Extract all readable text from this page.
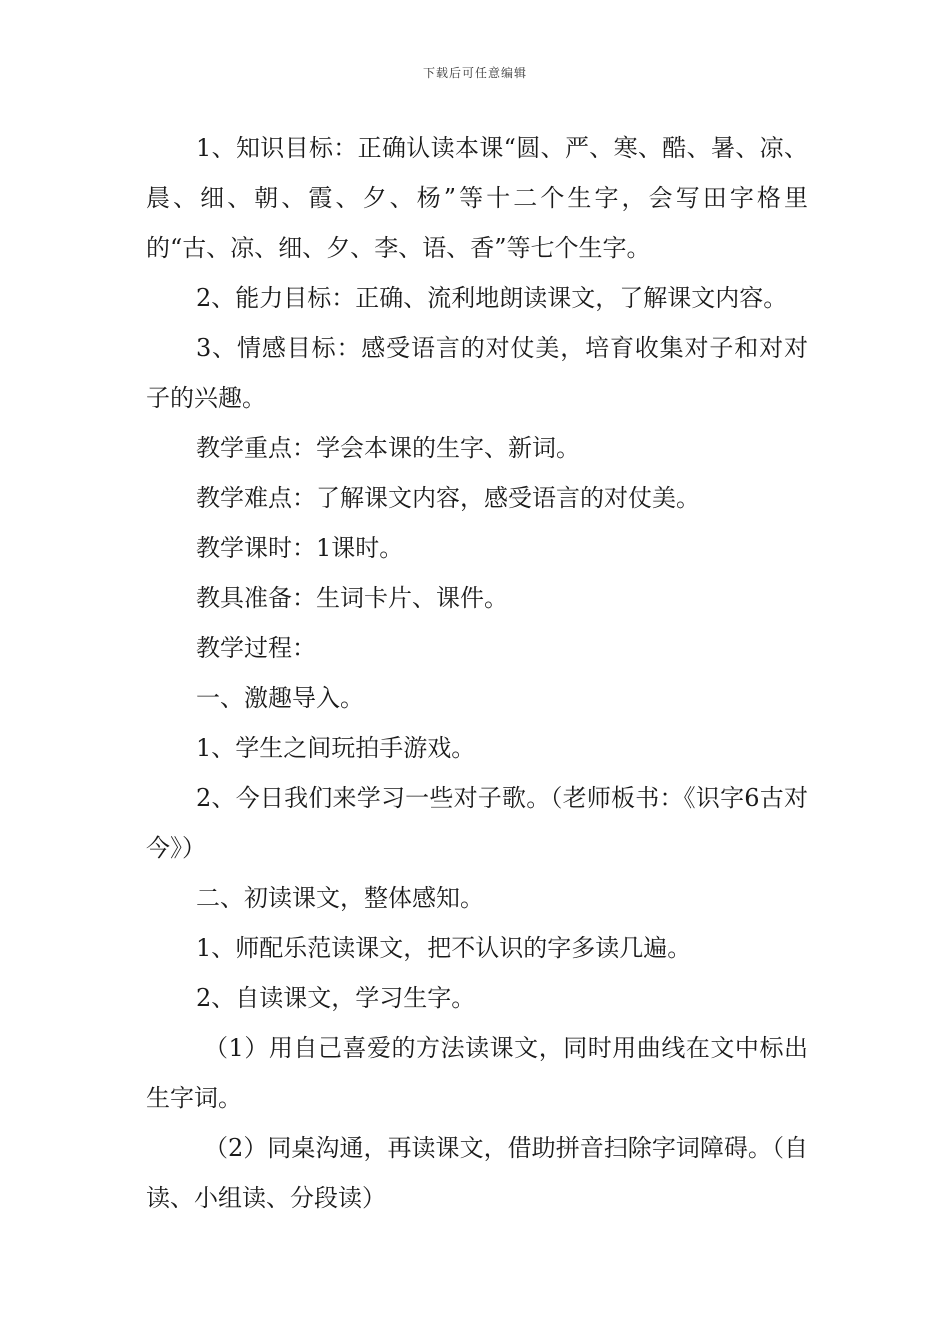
下载后可任意编辑

1、知识目标：正确认读本课“圆、严、寒、酷、暑、凉、晨、细、朝、霞、夕、杨”等十二个生字，会写田字格里的“古、凉、细、夕、李、语、香”等七个生字。

2、能力目标：正确、流利地朗读课文，了解课文内容。

3、情感目标：感受语言的对仗美，培育收集对子和对对子的兴趣。

教学重点：学会本课的生字、新词。

教学难点：了解课文内容，感受语言的对仗美。

教学课时：1课时。

教具准备：生词卡片、课件。

教学过程：

一、激趣导入。

1、学生之间玩拍手游戏。

2、今日我们来学习一些对子歌。（老师板书：《识字6古对今》）

二、初读课文，整体感知。

1、师配乐范读课文，把不认识的字多读几遍。

2、自读课文，学习生字。

（1）用自己喜爱的方法读课文，同时用曲线在文中标出生字词。

（2）同桌沟通，再读课文，借助拼音扫除字词障碍。（自读、小组读、分段读）
